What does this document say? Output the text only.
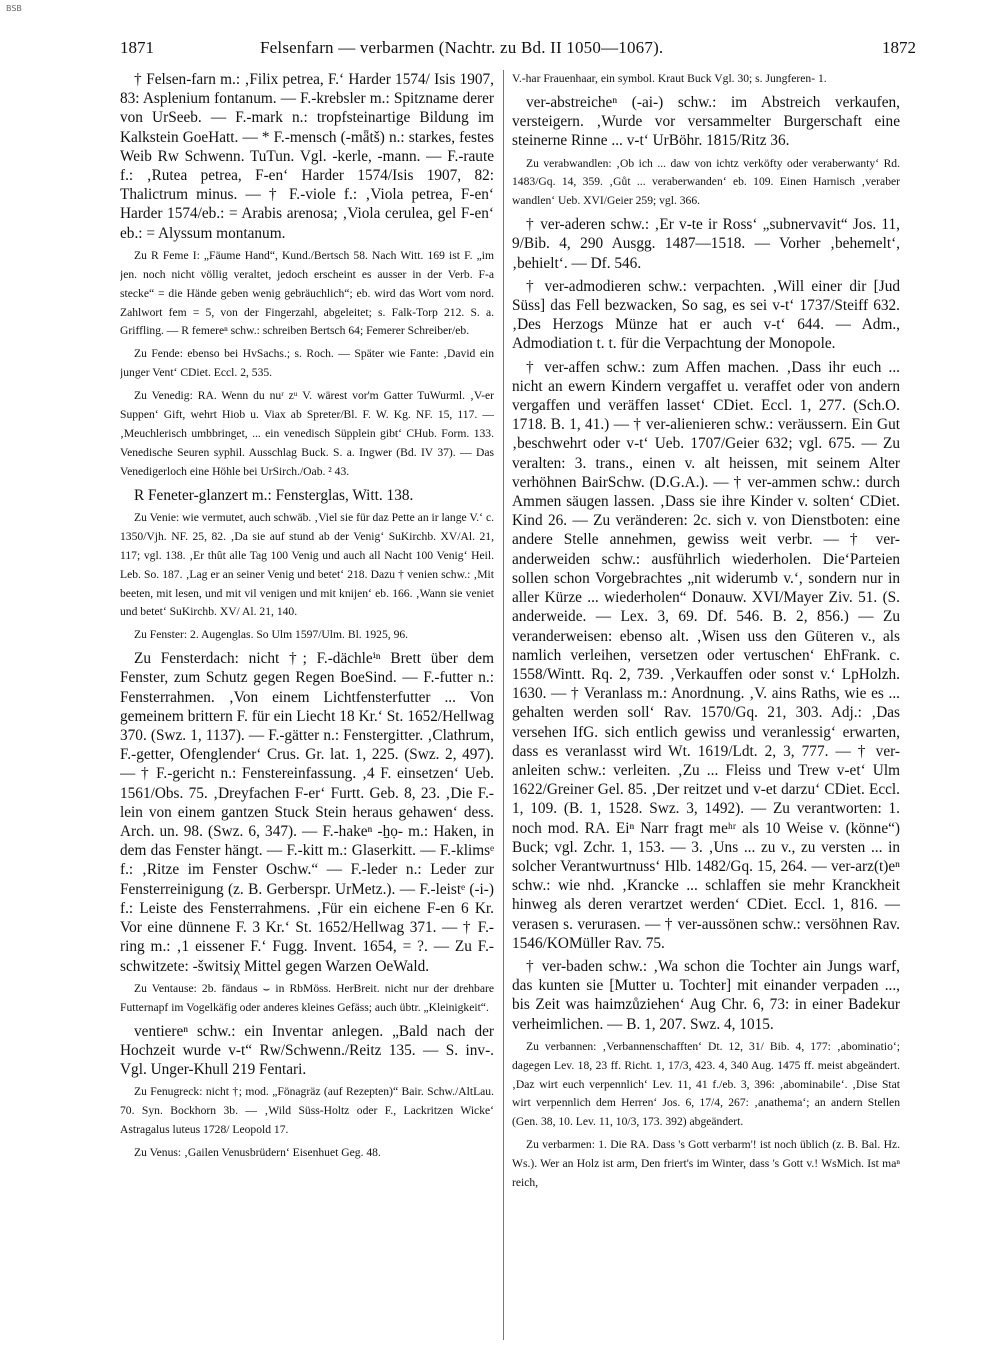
BSB
1871	Felsenfarn — verbarmen (Nachtr. zu Bd. II 1050—1067).	1872

† Felsen-farn m.: ‚Filix petrea, F.‘ Harder 1574/ Isis 1907, 83: Asplenium fontanum. — F.-krebsler m.: Spitzname derer von UrSeeb. — F.-mark n.: tropfsteinartige Bildung im Kalkstein GoeHatt. — * F.-mensch (-mǟtš) n.: starkes, festes Weib Rw Schwenn. TuTun. Vgl. -kerle, -mann. — F.-raute f.: ‚Rutea petrea, F-en‘ Harder 1574/Isis 1907, 82: Thalictrum minus. — † F.-viole f.: ‚Viola petrea, F-en‘ Harder 1574/eb.: = Arabis arenosa; ‚Viola cerulea, gel F-en‘ eb.: = Alyssum montanum.

Zu R Feme I: „Fäume Hand“, Kund./Bertsch 58. Nach Witt. 169 ist F. „im jen. noch nicht völlig veraltet, jedoch erscheint es ausser in der Verb. F-a stecke“ = die Hände geben wenig gebräuchlich“; eb. wird das Wort vom nord. Zahlwort fem = 5, von der Fingerzahl, abgeleitet; s. Falk-Torp 212. S. a. Griffling. — R femereⁿ schw.: schreiben Bertsch 64; Femerer Schreiber/eb.

Zu Fende: ebenso bei HvSachs.; s. Roch. — Später wie Fante: ‚David ein junger Vent‘ CDiet. Eccl. 2, 535.

Zu Venedig: RA. Wenn du nuʳ zᵘ V. wärest vor'm Gatter TuWurml. ‚V-er Suppen‘ Gift, wehrt Hiob u. Viax ab Spreter/Bl. F. W. Kg. NF. 15, 117. — ‚Meuchlerisch umbbringet, ... ein venedisch Süpplein gibt‘ CHub. Form. 133. Venedische Seuren syphil. Ausschlag Buck. S. a. Ingwer (Bd. IV 37). — Das Venedigerloch eine Höhle bei UrSirch./Oab. ² 43.

R Feneter-glanzert m.: Fensterglas, Witt. 138.

Zu Venie: wie vermutet, auch schwäb. ‚Viel sie für daz Pette an ir lange V.‘ c. 1350/Vjh. NF. 25, 82. ‚Da sie auf stund ab der Venig‘ SuKirchb. XV/Al. 21, 117; vgl. 138. ‚Er thût alle Tag 100 Venig und auch all Nacht 100 Venig‘ Heil. Leb. So. 187. ‚Lag er an seiner Venig und betet‘ 218. Dazu † venien schw.: ‚Mit beeten, mit lesen, und mit vil venigen und mit knijen‘ eb. 166. ‚Wann sie veniet und betet‘ SuKirchb. XV/ Al. 21, 140.

Zu Fenster: 2. Augenglas. So Ulm 1597/Ulm. Bl. 1925, 96.

Zu Fensterdach: nicht †; F.-dächleⁱⁿ Brett über dem Fenster, zum Schutz gegen Regen BoeSind. — F.-futter n.: Fensterrahmen. ‚Von einem Lichtfensterfutter ... Von gemeinem brittern F. für ein Liecht 18 Kr.‘ St. 1652/Hellwag 370. (Swz. 1, 1137). — F.-gätter n.: Fenstergitter. ‚Clathrum, F.-getter, Ofenglender‘ Crus. Gr. lat. 1, 225. (Swz. 2, 497). — † F.-gericht n.: Fenstereinfassung. ‚4 F. einsetzen‘ Ueb. 1561/Obs. 75. ‚Dreyfachen F-er‘ Furtt. Geb. 8, 23. ‚Die F.-lein von einem gantzen Stuck Stein heraus gehawen‘ dess. Arch. un. 98. (Swz. 6, 347). — F.-hakeⁿ -ẖọ- m.: Haken, in dem das Fenster hängt. — F.-kitt m.: Glaserkitt. — F.-klimsᵉ f.: ‚Ritze im Fenster Oschw.“ — F.-leder n.: Leder zur Fensterreinigung (z. B. Gerberspr. UrMetz.). — F.-leistᵉ (-i-) f.: Leiste des Fensterrahmens. ‚Für ein eichene F-en 6 Kr. Vor eine dünnene F. 3 Kr.‘ St. 1652/Hellwag 371. — † F.-ring m.: ‚1 eissener F.‘ Fugg. Invent. 1654, = ?. — Zu F.-schwitzete: -šwitsiχ Mittel gegen Warzen OeWald.

Zu Ventause: 2b. fändaus ⌣ in RbMöss. HerBreit. nicht nur der drehbare Futternapf im Vogelkäfig oder anderes kleines Gefäss; auch übtr. „Kleinigkeit“.

ventiereⁿ schw.: ein Inventar anlegen. „Bald nach der Hochzeit wurde v-t“ Rw/Schwenn./Reitz 135. — S. inv-. Vgl. Unger-Khull 219 Fentari.

Zu Fenugreck: nicht †; mod. „Fönagräz (auf Rezepten)“ Bair. Schw./AltLau. 70. Syn. Bockhorn 3b. — ‚Wild Süss-Holtz oder F., Lackritzen Wicke‘ Astragalus luteus 1728/ Leopold 17.

Zu Venus: ‚Gailen Venusbrüdern‘ Eisenhuet Geg. 48.

V.-har Frauenhaar, ein symbol. Kraut Buck Vgl. 30; s. Jungferen- 1.

ver-abstreicheⁿ (-ai-) schw.: im Abstreich verkaufen, versteigern. ‚Wurde vor versammelter Burgerschaft eine steinerne Rinne ... v-t‘ UrBöhr. 1815/Ritz 36.

Zu verabwandlen: ‚Ob ich ... daw von ichtz verköfty oder veraberwanty‘ Rd. 1483/Gq. 14, 359. ‚Gůt ... veraberwanden‘ eb. 109. Einen Harnisch ‚veraber wandlen‘ Ueb. XVI/Geier 259; vgl. 366.

† ver-aderen schw.: ‚Er v-te ir Ross‘ „subnervavit“ Jos. 11, 9/Bib. 4, 290 Ausgg. 1487—1518. — Vorher ‚behemelt‘, ‚behielt‘. — Df. 546.

† ver-admodieren schw.: verpachten. ‚Will einer dir [Jud Süss] das Fell bezwacken, So sag, es sei v-t‘ 1737/Steiff 632. ‚Des Herzogs Münze hat er auch v-t‘ 644. — Adm., Admodiation t. t. für die Verpachtung der Monopole.

† ver-affen schw.: zum Affen machen. ‚Dass ihr euch ... nicht an ewern Kindern vergaffet u. veraffet oder von andern vergaffen und veräffen lasset‘ CDiet. Eccl. 1, 277. (Sch.O. 1718. B. 1, 41.) — † ver-alienieren schw.: veräussern. Ein Gut ‚beschwehrt oder v-t‘ Ueb. 1707/Geier 632; vgl. 675. — Zu veralten: 3. trans., einen v. alt heissen, mit seinem Alter verhöhnen BairSchw. (D.G.A.). — † ver-ammen schw.: durch Ammen säugen lassen. ‚Dass sie ihre Kinder v. solten‘ CDiet. Kind 26. — Zu veränderen: 2c. sich v. von Dienstboten: eine andere Stelle annehmen, gewiss weit verbr. — † ver-anderweiden schw.: ausführlich wiederholen. Die‘Parteien sollen schon Vorgebrachtes „nit widerumb v.‘, sondern nur in aller Kürze ... wiederholen“ Donauw. XVI/Mayer Ziv. 51. (S. anderweide. — Lex. 3, 69. Df. 546. B. 2, 856.) — Zu veranderweisen: ebenso alt. ‚Wisen uss den Güteren v., als namlich verleihen, versetzen oder vertuschen‘ EhFrank. c. 1558/Wintt. Rq. 2, 739. ‚Verkauffen oder sonst v.‘ LpHolzh. 1630. — † Veranlass m.: Anordnung. ‚V. ains Raths, wie es ... gehalten werden soll‘ Rav. 1570/Gq. 21, 303. Adj.: ‚Das versehen IfG. sich entlich gewiss und veranlessig‘ erwarten, dass es veranlasst wird Wt. 1619/Ldt. 2, 3, 777. — † ver-anleiten schw.: verleiten. ‚Zu ... Fleiss und Trew v-et‘ Ulm 1622/Greiner Gel. 85. ‚Der reitzet und v-et darzu‘ CDiet. Eccl. 1, 109. (B. 1, 1528. Swz. 3, 1492). — Zu verantworten: 1. noch mod. RA. Eiⁿ Narr fragt meʰʳ als 10 Weise v. (könne“) Buck; vgl. Zchr. 1, 153. — 3. ‚Uns ... zu v., zu versten ... in solcher Verantwurtnuss‘ Hlb. 1482/Gq. 15, 264. — ver-arz(t)eⁿ schw.: wie nhd. ‚Krancke ... schlaffen sie mehr Kranckheit hinweg als deren verartzet werden‘ CDiet. Eccl. 1, 816. — verasen s. verurasen. — † ver-aussönen schw.: versöhnen Rav. 1546/KOMüller Rav. 75.

† ver-baden schw.: ‚Wa schon die Tochter ain Jungs warf, das kunten sie [Mutter u. Tochter] mit einander verpaden ..., bis Zeit was haimzůziehen‘ Aug Chr. 6, 73: in einer Badekur verheimlichen. — B. 1, 207. Swz. 4, 1015.

Zu verbannen: ‚Verbannenschafften‘ Dt. 12, 31/ Bib. 4, 177: ‚abominatio‘; dagegen Lev. 18, 23 ff. Richt. 1, 17/3, 423. 4, 340 Aug. 1475 ff. meist abgeändert. ‚Daz wirt euch verpennlich‘ Lev. 11, 41 f./eb. 3, 396: ‚abominabile‘. ‚Dise Stat wirt verpennlich dem Herren‘ Jos. 6, 17/4, 267: ‚anathema‘; an andern Stellen (Gen. 38, 10. Lev. 11, 10/3, 173. 392) abgeändert.

Zu verbarmen: 1. Die RA. Dass 's Gott verbarm'! ist noch üblich (z. B. Bal. Hz. Ws.). Wer an Holz ist arm, Den friert's im Winter, dass 's Gott v.! WsMich. Ist maⁿ reich,
